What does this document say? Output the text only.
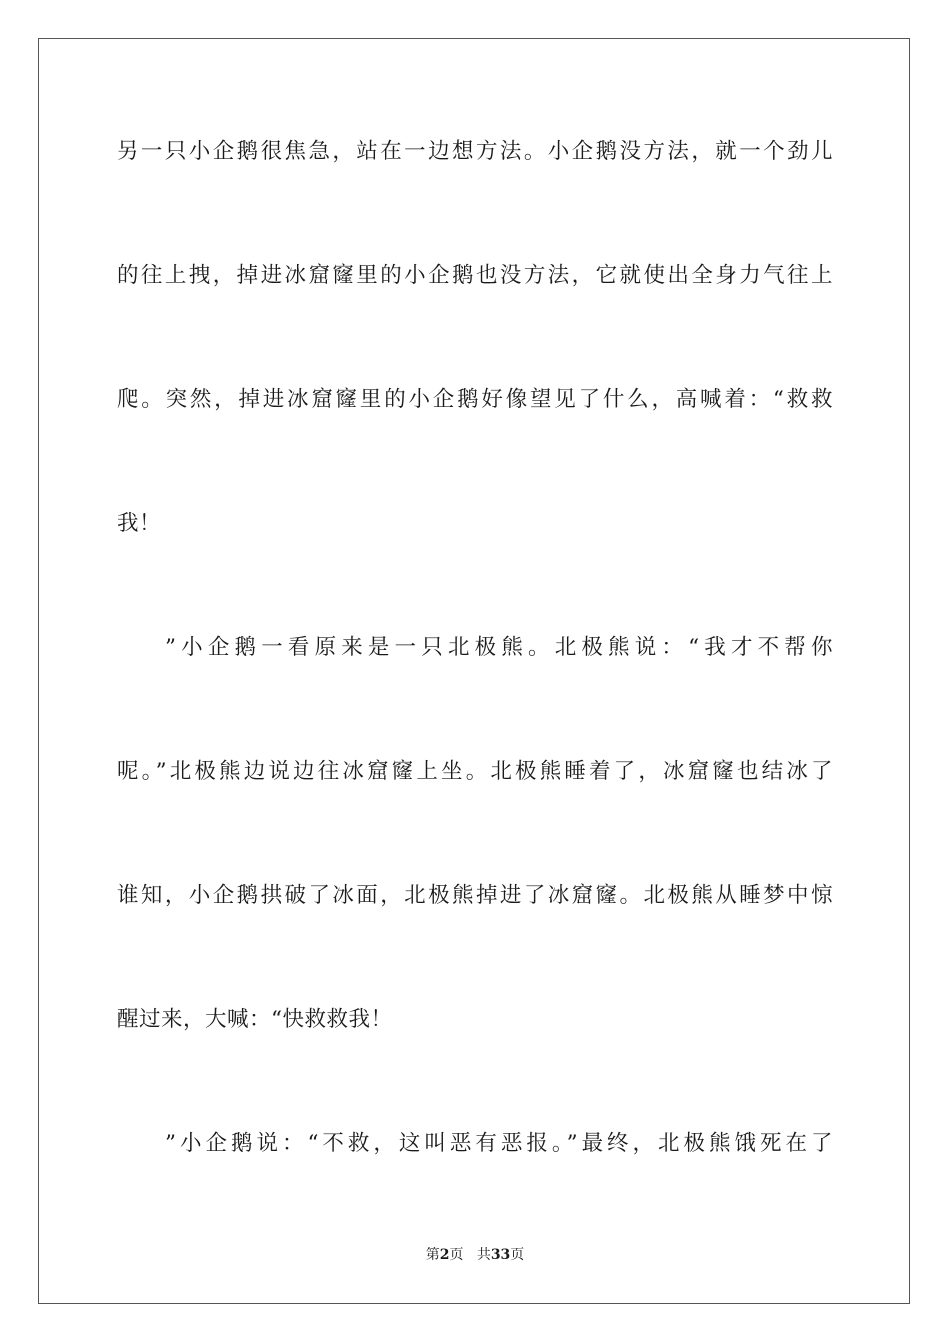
另一只小企鹅很焦急，站在一边想方法。小企鹅没方法，就一个劲儿
的往上拽，掉进冰窟窿里的小企鹅也没方法，它就使出全身力气往上
爬。突然，掉进冰窟窿里的小企鹅好像望见了什么，高喊着：“救救
我！
”小企鹅一看原来是一只北极熊。北极熊说：“我才不帮你
呢。”北极熊边说边往冰窟窿上坐。北极熊睡着了，冰窟窿也结冰了
谁知，小企鹅拱破了冰面，北极熊掉进了冰窟窿。北极熊从睡梦中惊
醒过来，大喊：“快救救我！
”小企鹅说：“不救，这叫恶有恶报。”最终，北极熊饿死在了
第2页 共33页
